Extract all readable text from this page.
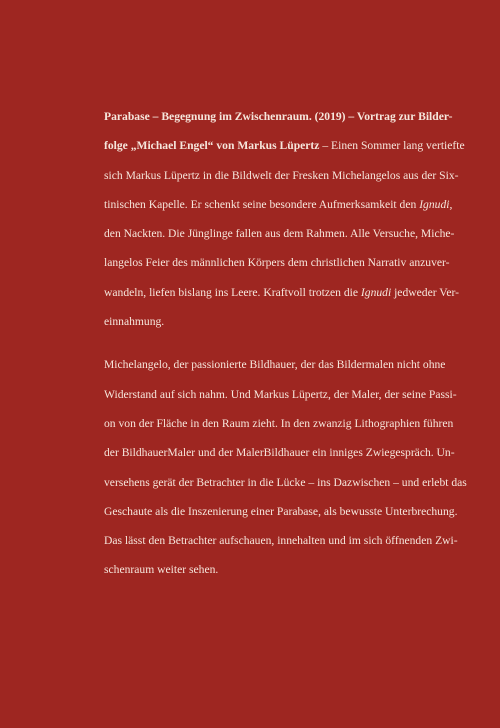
Parabase – Begegnung im Zwischenraum. (2019) – Vortrag zur Bilder-
folge „Michael Engel“ von Markus Lüpertz – Einen Sommer lang vertiefte
sich Markus Lüpertz in die Bildwelt der Fresken Michelangelos aus der Six-
tinischen Kapelle. Er schenkt seine besondere Aufmerksamkeit den Ignudi,
den Nackten. Die Jünglinge fallen aus dem Rahmen. Alle Versuche, Miche-
langelos Feier des männlichen Körpers dem christlichen Narrativ anzuver-
wandeln, liefen bislang ins Leere. Kraftvoll trotzen die Ignudi jedweder Ver-
einnahmung.
Michelangelo, der passionierte Bildhauer, der das Bildermalen nicht ohne
Widerstand auf sich nahm. Und Markus Lüpertz, der Maler, der seine Passi-
on von der Fläche in den Raum zieht. In den zwanzig Lithographien führen
der BildhauerMaler und der MalerBildhauer ein inniges Zwiegespräch. Un-
versehens gerät der Betrachter in die Lücke – ins Dazwischen – und erlebt das
Geschaute als die Inszenierung einer Parabase, als bewusste Unterbrechung.
Das lässt den Betrachter aufschauen, innehalten und im sich öffnenden Zwi-
schenraum weiter sehen.
